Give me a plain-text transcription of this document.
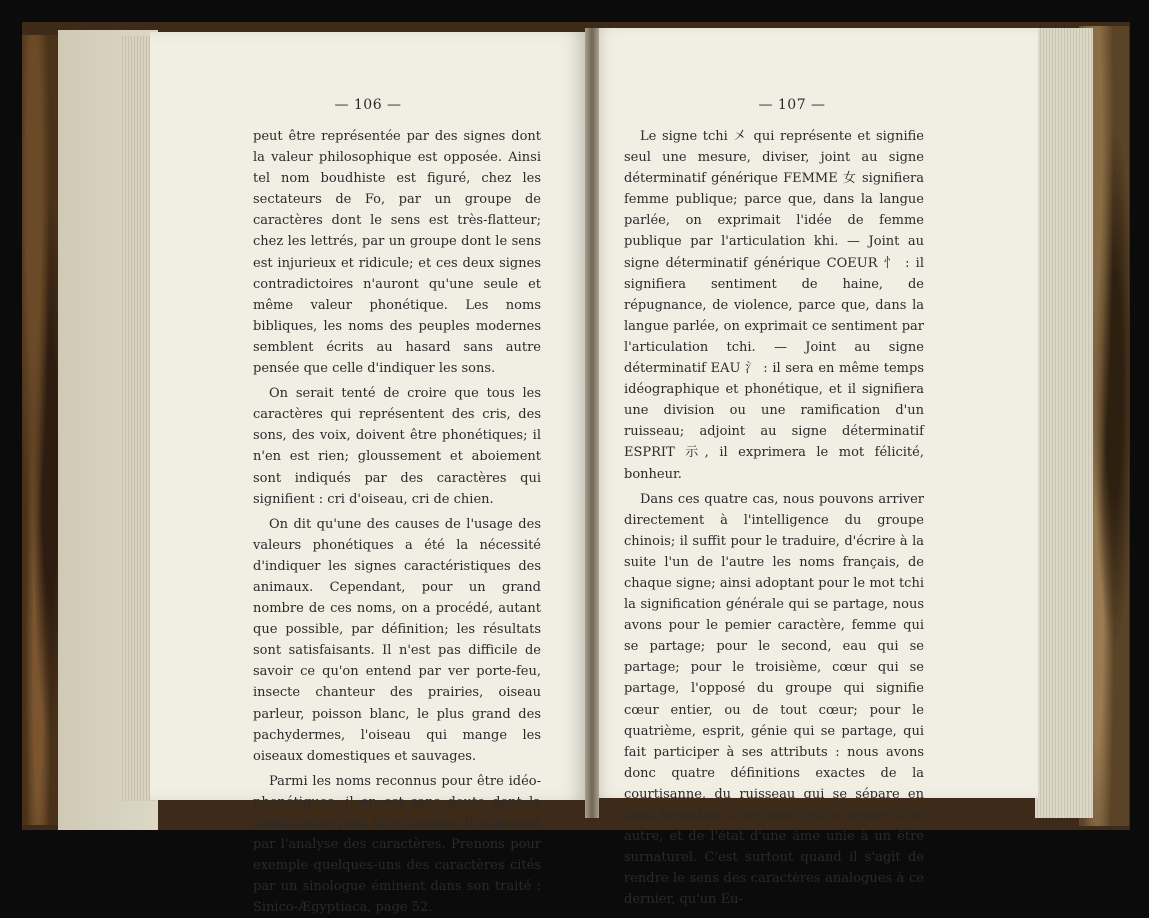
— 106 —	— 107 —

peut être représentée par des signes dont la valeur philosophique est opposée. Ainsi tel nom boudhiste est figuré, chez les sectateurs de Fo, par un groupe de caractères dont le sens est très-flatteur; chez les lettrés, par un groupe dont le sens est injurieux et ridicule; et ces deux signes contradictoires n'auront qu'une seule et même valeur phonétique. Les noms bibliques, les noms des peuples modernes semblent écrits au hasard sans autre pensée que celle d'indiquer les sons.

On serait tenté de croire que tous les caractères qui représentent des cris, des sons, des voix, doivent être phonétiques; il n'en est rien; gloussement et aboiement sont indiqués par des caractères qui signifient : cri d'oiseau, cri de chien.

On dit qu'une des causes de l'usage des valeurs phonétiques a été la nécessité d'indiquer les signes caractéristiques des animaux. Cependant, pour un grand nombre de ces noms, on a procédé, autant que possible, par définition; les résultats sont satisfaisants. Il n'est pas difficile de savoir ce qu'on entend par ver porte-feu, insecte chanteur des prairies, oiseau parleur, poisson blanc, le plus grand des pachydermes, l'oiseau qui mange les oiseaux domestiques et sauvages.

Parmi les noms reconnus pour être idéo-phonétiques, il en est sans doute dont la signification peut être obtenue directement par l'analyse des caractères. Prenons pour exemple quelques-uns des caractères cités par un sinologue éminent dans son traité : Sinico-Ægyptiaca, page 52.

Le signe tchi 㐅 qui représente et signifie seul une mesure, diviser, joint au signe déterminatif générique FEMME 女 signifiera femme publique; parce que, dans la langue parlée, on exprimait l'idée de femme publique par l'articulation khi. — Joint au signe déterminatif générique COEUR 忄 : il signifiera sentiment de haine, de répugnance, de violence, parce que, dans la langue parlée, on exprimait ce sentiment par l'articulation tchi. — Joint au signe déterminatif EAU 氵 : il sera en même temps idéographique et phonétique, et il signifiera une division ou une ramification d'un ruisseau; adjoint au signe déterminatif ESPRIT 示, il exprimera le mot félicité, bonheur.

Dans ces quatre cas, nous pouvons arriver directement à l'intelligence du groupe chinois; il suffit pour le traduire, d'écrire à la suite l'un de l'autre les noms français, de chaque signe; ainsi adoptant pour le mot tchi la signification générale qui se partage, nous avons pour le pemier caractère, femme qui se partage; pour le second, eau qui se partage; pour le troisième, cœur qui se partage, l'opposé du groupe qui signifie cœur entier, ou de tout cœur; pour le quatrième, esprit, génie qui se partage, qui fait participer à ses attributs : nous avons donc quatre définitions exactes de la courtisanne, du ruisseau qui se sépare en deux branches, d'un cœur qui se sépare d'un autre, et de l'état d'une âme unie à un être surnaturel. C'est surtout quand il s'agit de rendre le sens des caractères analogues à ce dernier, qu'un Eu-
